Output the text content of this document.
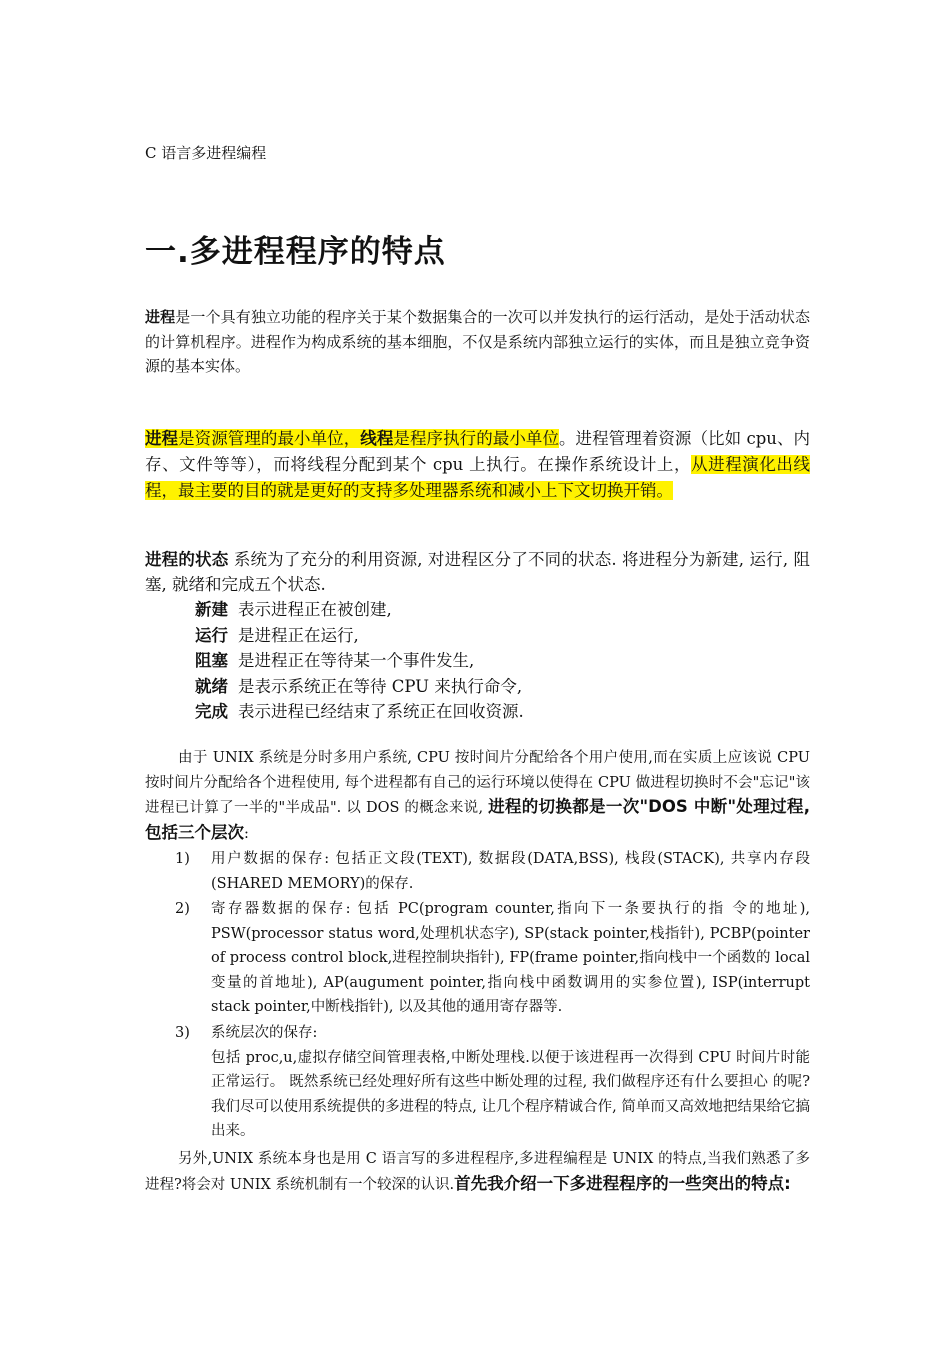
C 语言多进程编程
一.多进程程序的特点
进程是一个具有独立功能的程序关于某个数据集合的一次可以并发执行的运行活动，是处于活动状态的计算机程序。进程作为构成系统的基本细胞，不仅是系统内部独立运行的实体，而且是独立竞争资源的基本实体。
进程是资源管理的最小单位，线程是程序执行的最小单位。进程管理着资源（比如 cpu、内存、文件等等），而将线程分配到某个 cpu 上执行。在操作系统设计上，从进程演化出线程，最主要的目的就是更好的支持多处理器系统和减小上下文切换开销。
进程的状态 系统为了充分的利用资源, 对进程区分了不同的状态. 将进程分为新建, 运行, 阻塞, 就绪和完成五个状态.
新建 表示进程正在被创建,
运行 是进程正在运行,
阻塞 是进程正在等待某一个事件发生,
就绪 是表示系统正在等待 CPU 来执行命令,
完成 表示进程已经结束了系统正在回收资源.
由于 UNIX 系统是分时多用户系统, CPU 按时间片分配给各个用户使用,而在实质上应该说 CPU 按时间片分配给各个进程使用, 每个进程都有自己的运行环境以使得在 CPU 做进程切换时不会"忘记"该进程已计算了一半的"半成品". 以 DOS 的概念来说, 进程的切换都是一次"DOS 中断"处理过程, 包括三个层次:
1)	用户数据的保存: 包括正文段(TEXT), 数据段(DATA,BSS), 栈段(STACK), 共享内存段(SHARED MEMORY)的保存.
2)	寄存器数据的保存: 包括 PC(program counter,指向下一条要执行的指 令的地址), PSW(processor status word,处理机状态字), SP(stack pointer,栈指针), PCBP(pointer of process control block,进程控制块指针), FP(frame pointer,指向栈中一个函数的 local 变量的首地址), AP(augument pointer,指向栈中函数调用的实参位置), ISP(interrupt stack pointer,中断栈指针), 以及其他的通用寄存器等.
3)	系统层次的保存:
包括 proc,u,虚拟存储空间管理表格,中断处理栈.以便于该进程再一次得到 CPU 时间片时能正常运行。 既然系统已经处理好所有这些中断处理的过程, 我们做程序还有什么要担心 的呢? 我们尽可以使用系统提供的多进程的特点, 让几个程序精诚合作, 简单而又高效地把结果给它搞出来。
另外,UNIX 系统本身也是用 C 语言写的多进程程序,多进程编程是 UNIX 的特点,当我们熟悉了多进程?将会对 UNIX 系统机制有一个较深的认识.首先我介绍一下多进程程序的一些突出的特点:
